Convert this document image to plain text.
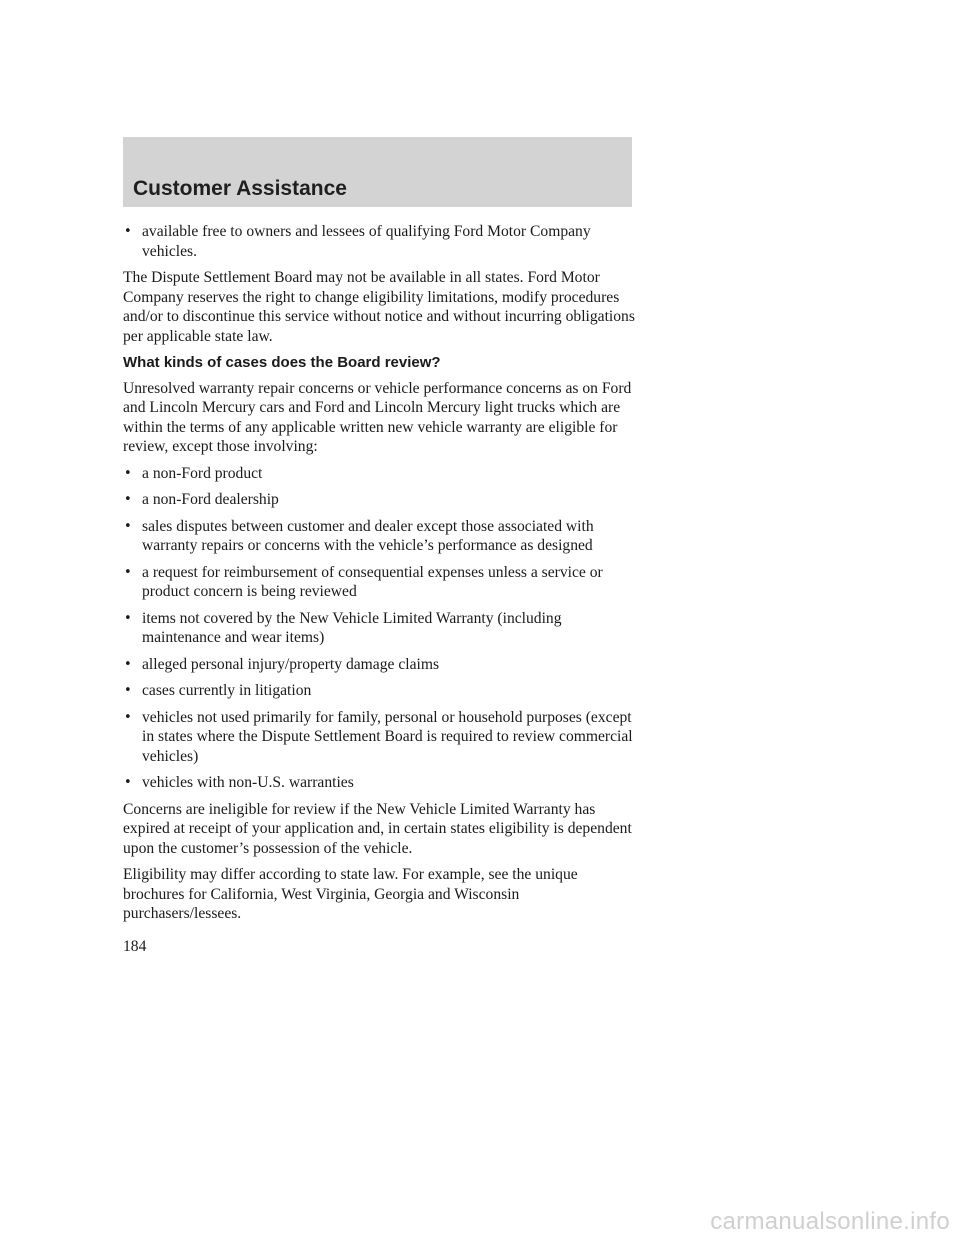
Customer Assistance
• available free to owners and lessees of qualifying Ford Motor Company vehicles.

The Dispute Settlement Board may not be available in all states. Ford Motor Company reserves the right to change eligibility limitations, modify procedures and/or to discontinue this service without notice and without incurring obligations per applicable state law.

What kinds of cases does the Board review?

Unresolved warranty repair concerns or vehicle performance concerns as on Ford and Lincoln Mercury cars and Ford and Lincoln Mercury light trucks which are within the terms of any applicable written new vehicle warranty are eligible for review, except those involving:

• a non-Ford product
• a non-Ford dealership
• sales disputes between customer and dealer except those associated with warranty repairs or concerns with the vehicle’s performance as designed
• a request for reimbursement of consequential expenses unless a service or product concern is being reviewed
• items not covered by the New Vehicle Limited Warranty (including maintenance and wear items)
• alleged personal injury/property damage claims
• cases currently in litigation
• vehicles not used primarily for family, personal or household purposes (except in states where the Dispute Settlement Board is required to review commercial vehicles)
• vehicles with non-U.S. warranties

Concerns are ineligible for review if the New Vehicle Limited Warranty has expired at receipt of your application and, in certain states eligibility is dependent upon the customer’s possession of the vehicle.

Eligibility may differ according to state law. For example, see the unique brochures for California, West Virginia, Georgia and Wisconsin purchasers/lessees.

184

carmanualsonline.info
